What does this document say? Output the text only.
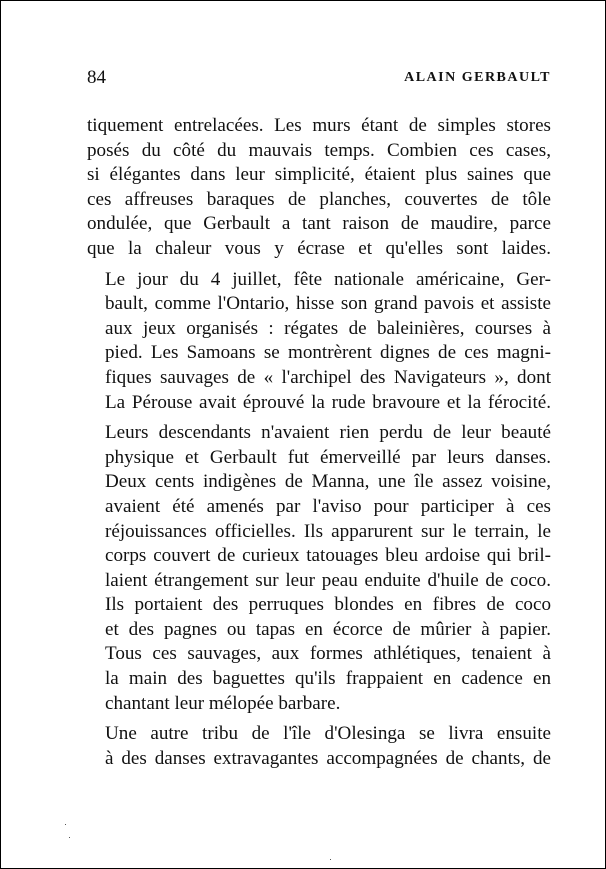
84	ALAIN GERBAULT

tiquement entrelacées. Les murs étant de simples stores
posés du côté du mauvais temps. Combien ces cases,
si élégantes dans leur simplicité, étaient plus saines que
ces affreuses baraques de planches, couvertes de tôle
ondulée, que Gerbault a tant raison de maudire, parce
que la chaleur vous y écrase et qu'elles sont laides.

Le jour du 4 juillet, fête nationale américaine, Ger-
bault, comme l'Ontario, hisse son grand pavois et assiste
aux jeux organisés : régates de baleinières, courses à
pied. Les Samoans se montrèrent dignes de ces magni-
fiques sauvages de « l'archipel des Navigateurs », dont
La Pérouse avait éprouvé la rude bravoure et la férocité.

Leurs descendants n'avaient rien perdu de leur beauté
physique et Gerbault fut émerveillé par leurs danses.
Deux cents indigènes de Manna, une île assez voisine,
avaient été amenés par l'aviso pour participer à ces
réjouissances officielles. Ils apparurent sur le terrain, le
corps couvert de curieux tatouages bleu ardoise qui bril-
laient étrangement sur leur peau enduite d'huile de coco.
Ils portaient des perruques blondes en fibres de coco
et des pagnes ou tapas en écorce de mûrier à papier.
Tous ces sauvages, aux formes athlétiques, tenaient à
la main des baguettes qu'ils frappaient en cadence en
chantant leur mélopée barbare.

Une autre tribu de l'île d'Olesinga se livra ensuite
à des danses extravagantes accompagnées de chants, de
